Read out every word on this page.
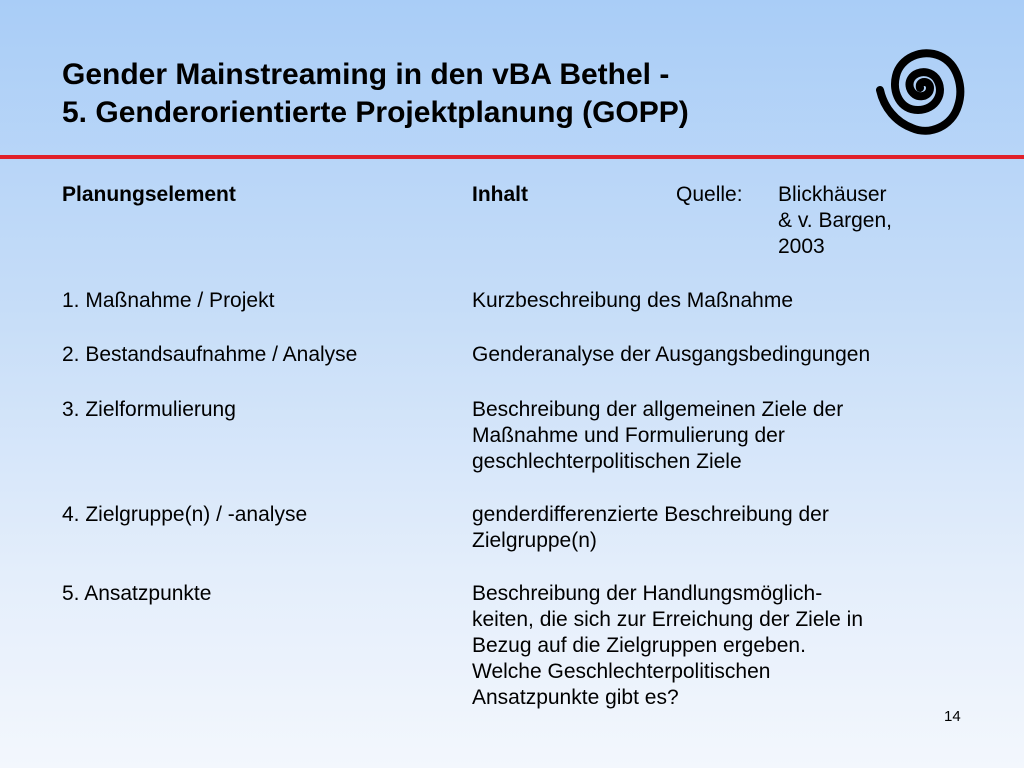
Gender Mainstreaming in den vBA Bethel -
5. Genderorientierte Projektplanung (GOPP)
Planungselement	Inhalt	Quelle: Blickhäuser
& v. Bargen,
2003
1. Maßnahme / Projekt	Kurzbeschreibung des Maßnahme
2. Bestandsaufnahme / Analyse	Genderanalyse der Ausgangsbedingungen
3. Zielformulierung	Beschreibung der allgemeinen Ziele der
Maßnahme und Formulierung der
geschlechterpolitischen Ziele
4. Zielgruppe(n) / -analyse	genderdifferenzierte Beschreibung der
Zielgruppe(n)
5. Ansatzpunkte	Beschreibung der Handlungsmöglich-
keiten, die sich zur Erreichung der Ziele in
Bezug auf die Zielgruppen ergeben.
Welche Geschlechterpolitischen
Ansatzpunkte gibt es?
14
